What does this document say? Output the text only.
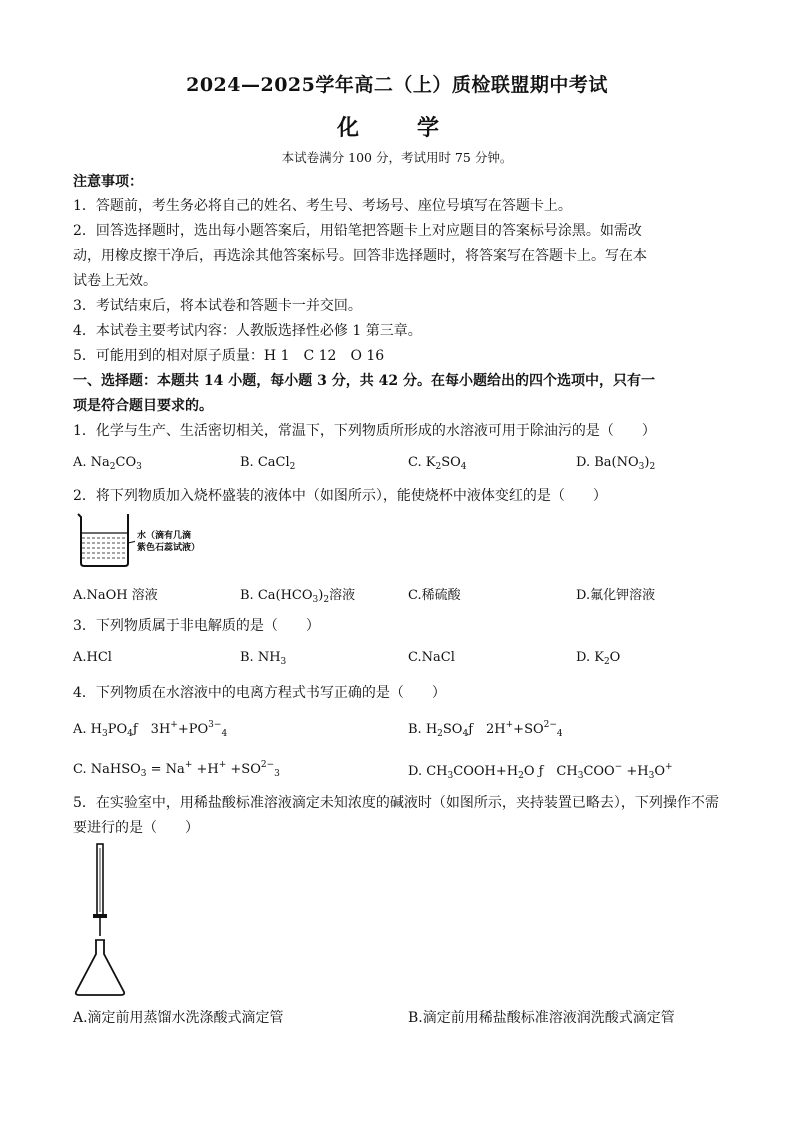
2024—2025学年高二（上）质检联盟期中考试
化　学
本试卷满分 100 分，考试用时 75 分钟。
注意事项：
1．答题前，考生务必将自己的姓名、考生号、考场号、座位号填写在答题卡上。
2．回答选择题时，选出每小题答案后，用铅笔把答题卡上对应题目的答案标号涂黑。如需改
动，用橡皮擦干净后，再选涂其他答案标号。回答非选择题时，将答案写在答题卡上。写在本
试卷上无效。
3．考试结束后，将本试卷和答题卡一并交回。
4．本试卷主要考试内容：人教版选择性必修 1 第三章。
5．可能用到的相对原子质量：H 1　C 12　O 16
一、选择题：本题共 14 小题，每小题 3 分，共 42 分。在每小题给出的四个选项中，只有一
项是符合题目要求的。
1．化学与生产、生活密切相关，常温下，下列物质所形成的水溶液可用于除油污的是（　　）
A. $Na_2CO_3$	B. CaCl$_2$	C. $K_2SO_4$	D. $Ba(NO_3)_2$
2．将下列物质加入烧杯盛装的液体中（如图所示），能使烧杯中液体变红的是（　　）
水（滴有几滴
紫色石蕊试液）
A.NaOH 溶液	B. $Ca(HCO_3)_2$溶液	C.稀硫酸	D.氟化钾溶液
3．下列物质属于非电解质的是（　　）
A.HCl	B. $NH_3$	C.NaCl	D. $K_2O$
4．下列物质在水溶液中的电离方程式书写正确的是（　　）
A. $H_3PO_4ƒ$　$3H^++PO^{3-}_4$	B. $H_2SO_4ƒ$　$2H^++SO^{2-}_4$
C. NaHSO$_3$ = $Na^+ +H^+ +SO^{2-}_3$	D. $CH_3COOH+H_2O$ ƒ　$CH_3COO^- +H_3O^+$
5．在实验室中，用稀盐酸标准溶液滴定未知浓度的碱液时（如图所示，夹持装置已略去），下列操作不需
要进行的是（　　）
A.滴定前用蒸馏水洗涤酸式滴定管	B.滴定前用稀盐酸标准溶液润洗酸式滴定管
